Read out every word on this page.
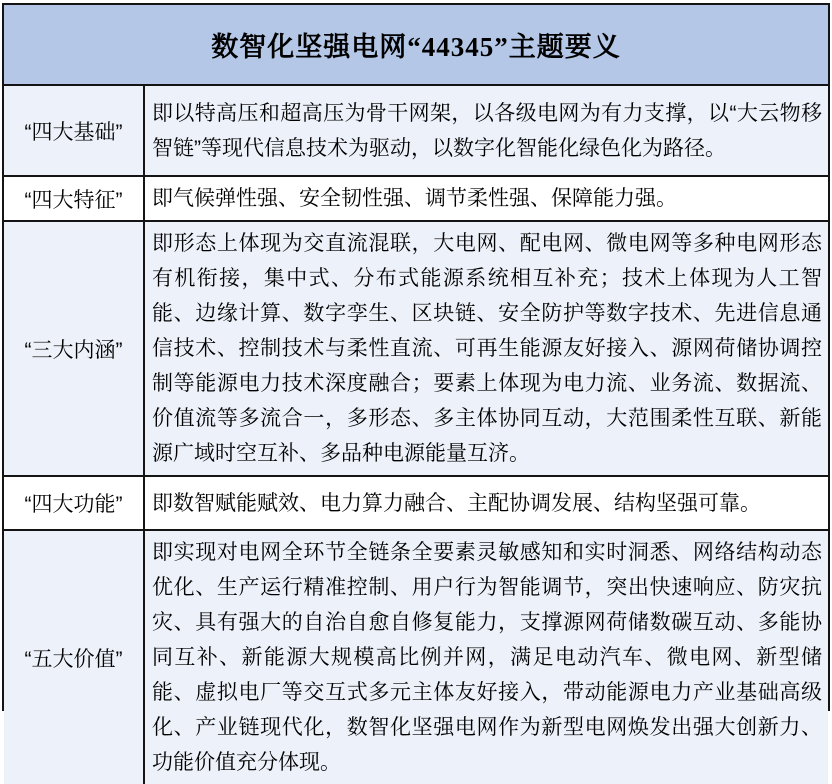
数智化坚强电网“44345”主题要义
“四大基础”
即以特高压和超高压为骨干网架，以各级电网为有力支撑，以“大云物移智链”等现代信息技术为驱动，以数字化智能化绿色化为路径。
“四大特征”	即气候弹性强、安全韧性强、调节柔性强、保障能力强。
“三大内涵”
即形态上体现为交直流混联，大电网、配电网、微电网等多种电网形态有机衔接，集中式、分布式能源系统相互补充；技术上体现为人工智能、边缘计算、数字孪生、区块链、安全防护等数字技术、先进信息通信技术、控制技术与柔性直流、可再生能源友好接入、源网荷储协调控制等能源电力技术深度融合；要素上体现为电力流、业务流、数据流、价值流等多流合一，多形态、多主体协同互动，大范围柔性互联、新能源广域时空互补、多品种电源能量互济。
“四大功能”	即数智赋能赋效、电力算力融合、主配协调发展、结构坚强可靠。
“五大价值”
即实现对电网全环节全链条全要素灵敏感知和实时洞悉、网络结构动态优化、生产运行精准控制、用户行为智能调节，突出快速响应、防灾抗灾、具有强大的自治自愈自修复能力，支撑源网荷储数碳互动、多能协同互补、新能源大规模高比例并网，满足电动汽车、微电网、新型储能、虚拟电厂等交互式多元主体友好接入，带动能源电力产业基础高级化、产业链现代化，数智化坚强电网作为新型电网焕发出强大创新力、功能价值充分体现。
